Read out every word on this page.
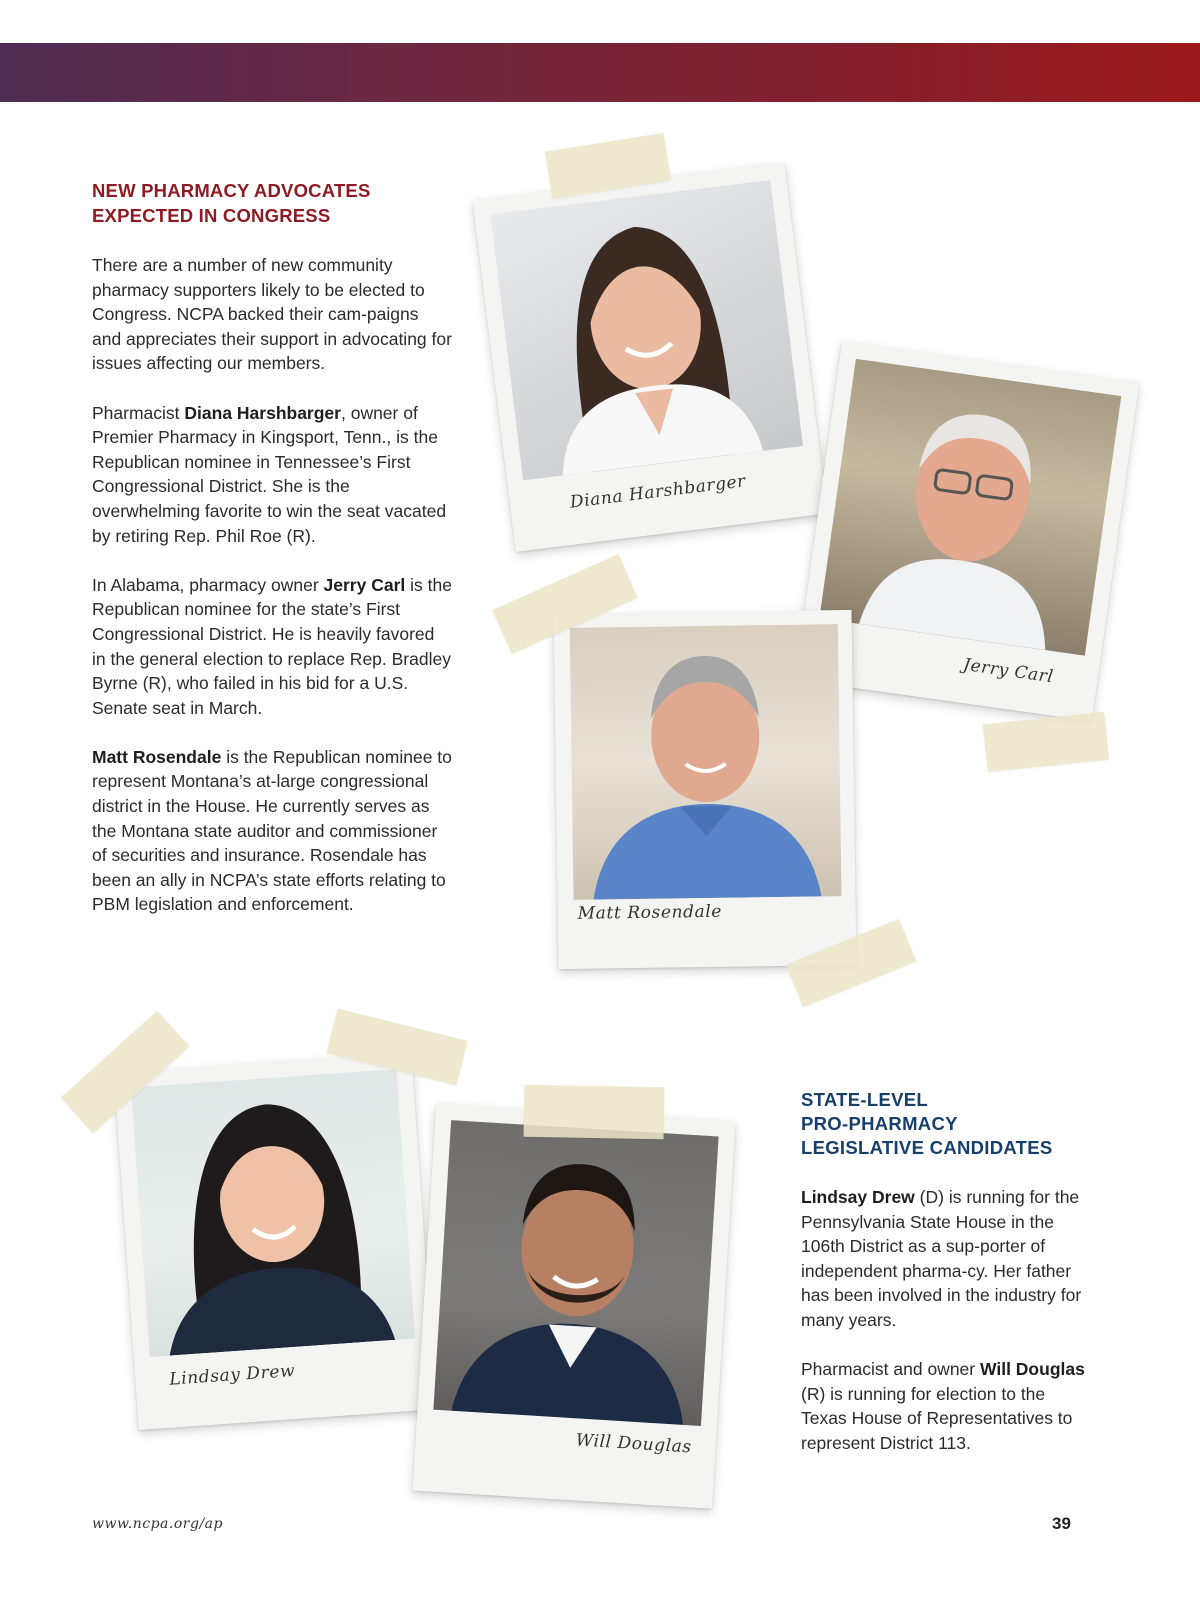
NEW PHARMACY ADVOCATES
EXPECTED IN CONGRESS

There are a number of new community pharmacy supporters likely to be elected to Congress. NCPA backed their cam-paigns and appreciates their support in advocating for issues affecting our members.

Pharmacist Diana Harshbarger, owner of Premier Pharmacy in Kingsport, Tenn., is the Republican nominee in Tennessee’s First Congressional District. She is the overwhelming favorite to win the seat vacated by retiring Rep. Phil Roe (R).

In Alabama, pharmacy owner Jerry Carl is the Republican nominee for the state’s First Congressional District. He is heavily favored in the general election to replace Rep. Bradley Byrne (R), who failed in his bid for a U.S. Senate seat in March.

Matt Rosendale is the Republican nominee to represent Montana’s at-large congressional district in the House. He currently serves as the Montana state auditor and commissioner of securities and insurance. Rosendale has been an ally in NCPA’s state efforts relating to PBM legislation and enforcement.

Diana Harshbarger
Jerry Carl
Matt Rosendale
Lindsay Drew
Will Douglas
STATE-LEVEL
PRO-PHARMACY
LEGISLATIVE CANDIDATES

Lindsay Drew (D) is running for the Pennsylvania State House in the 106th District as a sup-porter of independent pharma-cy. Her father has been involved in the industry for many years.

Pharmacist and owner Will Douglas (R) is running for election to the Texas House of Representatives to represent District 113.

www.ncpa.org/ap	39
